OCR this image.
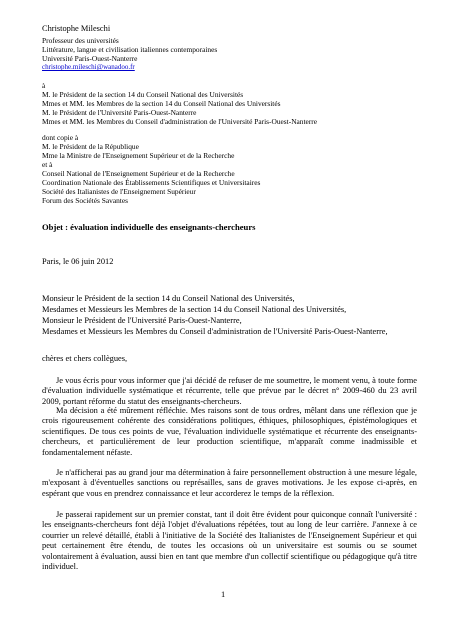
Christophe Mileschi
Professeur des universités
Littérature, langue et civilisation italiennes contemporaines
Université Paris-Ouest-Nanterre
christophe.mileschi@wanadoo.fr
à
M. le Président de la section 14 du Conseil National des Universités
Mmes et MM. les Membres de la section 14 du Conseil National des Universités
M. le Président de l'Université Paris-Ouest-Nanterre
Mmes et MM. les Membres du Conseil d'administration de l'Université Paris-Ouest-Nanterre
dont copie à
M. le Président de la République
Mme la Ministre de l'Enseignement Supérieur et de la Recherche
et à
Conseil National de l'Enseignement Supérieur et de la Recherche
Coordination Nationale des Établissements Scientifiques et Universitaires
Société des Italianistes de l'Enseignement Supérieur
Forum des Sociétés Savantes
Objet : évaluation individuelle des enseignants-chercheurs
Paris, le 06 juin 2012
Monsieur le Président de la section 14 du Conseil National des Universités,
Mesdames et Messieurs les Membres de la section 14 du Conseil National des Universités,
Monsieur le Président de l'Université Paris-Ouest-Nanterre,
Mesdames et Messieurs les Membres du Conseil d'administration de l'Université Paris-Ouest-Nanterre,
chères et chers collègues,
Je vous écris pour vous informer que j'ai décidé de refuser de me soumettre, le moment venu, à toute forme d'évaluation individuelle systématique et récurrente, telle que prévue par le décret n° 2009-460 du 23 avril 2009, portant réforme du statut des enseignants-chercheurs.
Ma décision a été mûrement réfléchie. Mes raisons sont de tous ordres, mêlant dans une réflexion que je crois rigoureusement cohérente des considérations politiques, éthiques, philosophiques, épistémologiques et scientifiques. De tous ces points de vue, l'évaluation individuelle systématique et récurrente des enseignants-chercheurs, et particulièrement de leur production scientifique, m'apparaît comme inadmissible et fondamentalement néfaste.
Je n'afficherai pas au grand jour ma détermination à faire personnellement obstruction à une mesure légale, m'exposant à d'éventuelles sanctions ou représailles, sans de graves motivations. Je les expose ci-après, en espérant que vous en prendrez connaissance et leur accorderez le temps de la réflexion.
Je passerai rapidement sur un premier constat, tant il doit être évident pour quiconque connaît l'université : les enseignants-chercheurs font déjà l'objet d'évaluations répétées, tout au long de leur carrière. J'annexe à ce courrier un relevé détaillé, établi à l'initiative de la Société des Italianistes de l'Enseignement Supérieur et qui peut certainement être étendu, de toutes les occasions où un universitaire est soumis ou se soumet volontairement à évaluation, aussi bien en tant que membre d'un collectif scientifique ou pédagogique qu'à titre individuel.
1
